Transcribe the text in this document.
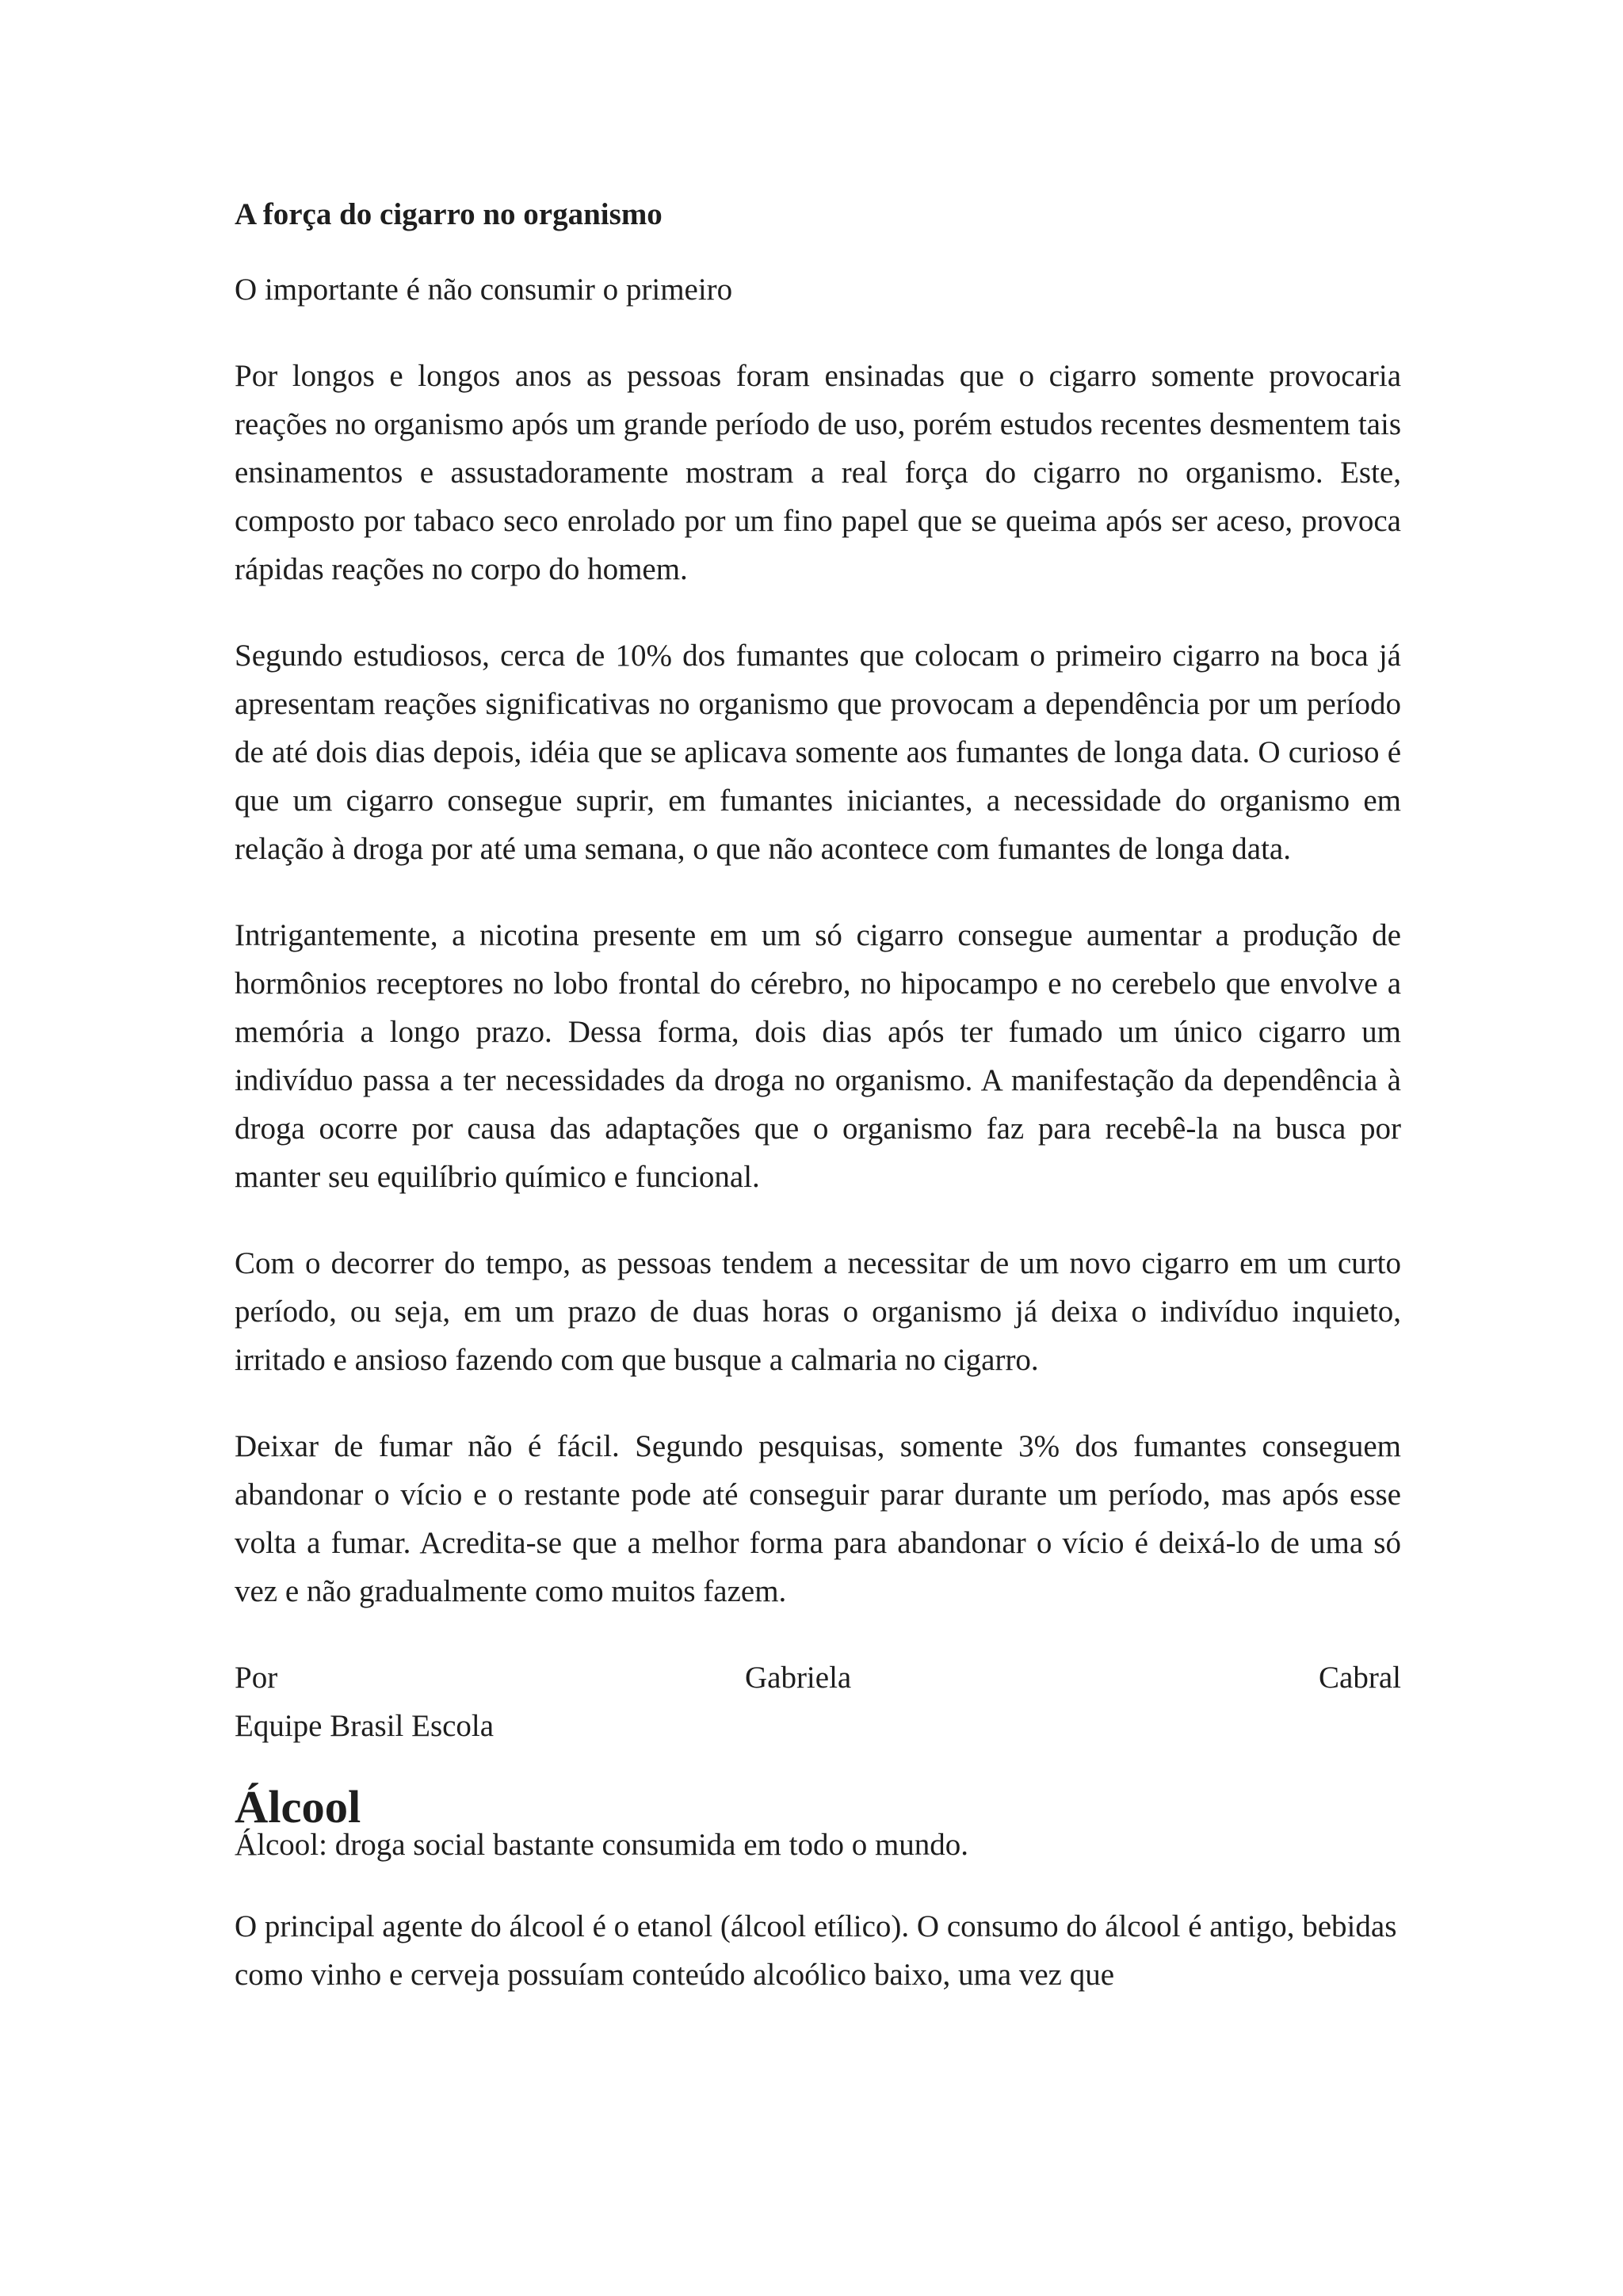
A força do cigarro no organismo

O importante é não consumir o primeiro

Por longos e longos anos as pessoas foram ensinadas que o cigarro somente provocaria reações no organismo após um grande período de uso, porém estudos recentes desmentem tais ensinamentos e assustadoramente mostram a real força do cigarro no organismo. Este, composto por tabaco seco enrolado por um fino papel que se queima após ser aceso, provoca rápidas reações no corpo do homem.

Segundo estudiosos, cerca de 10% dos fumantes que colocam o primeiro cigarro na boca já apresentam reações significativas no organismo que provocam a dependência por um período de até dois dias depois, idéia que se aplicava somente aos fumantes de longa data. O curioso é que um cigarro consegue suprir, em fumantes iniciantes, a necessidade do organismo em relação à droga por até uma semana, o que não acontece com fumantes de longa data.

Intrigantemente, a nicotina presente em um só cigarro consegue aumentar a produção de hormônios receptores no lobo frontal do cérebro, no hipocampo e no cerebelo que envolve a memória a longo prazo. Dessa forma, dois dias após ter fumado um único cigarro um indivíduo passa a ter necessidades da droga no organismo. A manifestação da dependência à droga ocorre por causa das adaptações que o organismo faz para recebê-la na busca por manter seu equilíbrio químico e funcional.

Com o decorrer do tempo, as pessoas tendem a necessitar de um novo cigarro em um curto período, ou seja, em um prazo de duas horas o organismo já deixa o indivíduo inquieto, irritado e ansioso fazendo com que busque a calmaria no cigarro.

Deixar de fumar não é fácil. Segundo pesquisas, somente 3% dos fumantes conseguem abandonar o vício e o restante pode até conseguir parar durante um período, mas após esse volta a fumar. Acredita-se que a melhor forma para abandonar o vício é deixá-lo de uma só vez e não gradualmente como muitos fazem.

Por	Gabriela	Cabral

Equipe Brasil Escola

Álcool

Álcool: droga social bastante consumida em todo o mundo.

O principal agente do álcool é o etanol (álcool etílico). O consumo do álcool é antigo, bebidas como vinho e cerveja possuíam conteúdo alcoólico baixo, uma vez que
